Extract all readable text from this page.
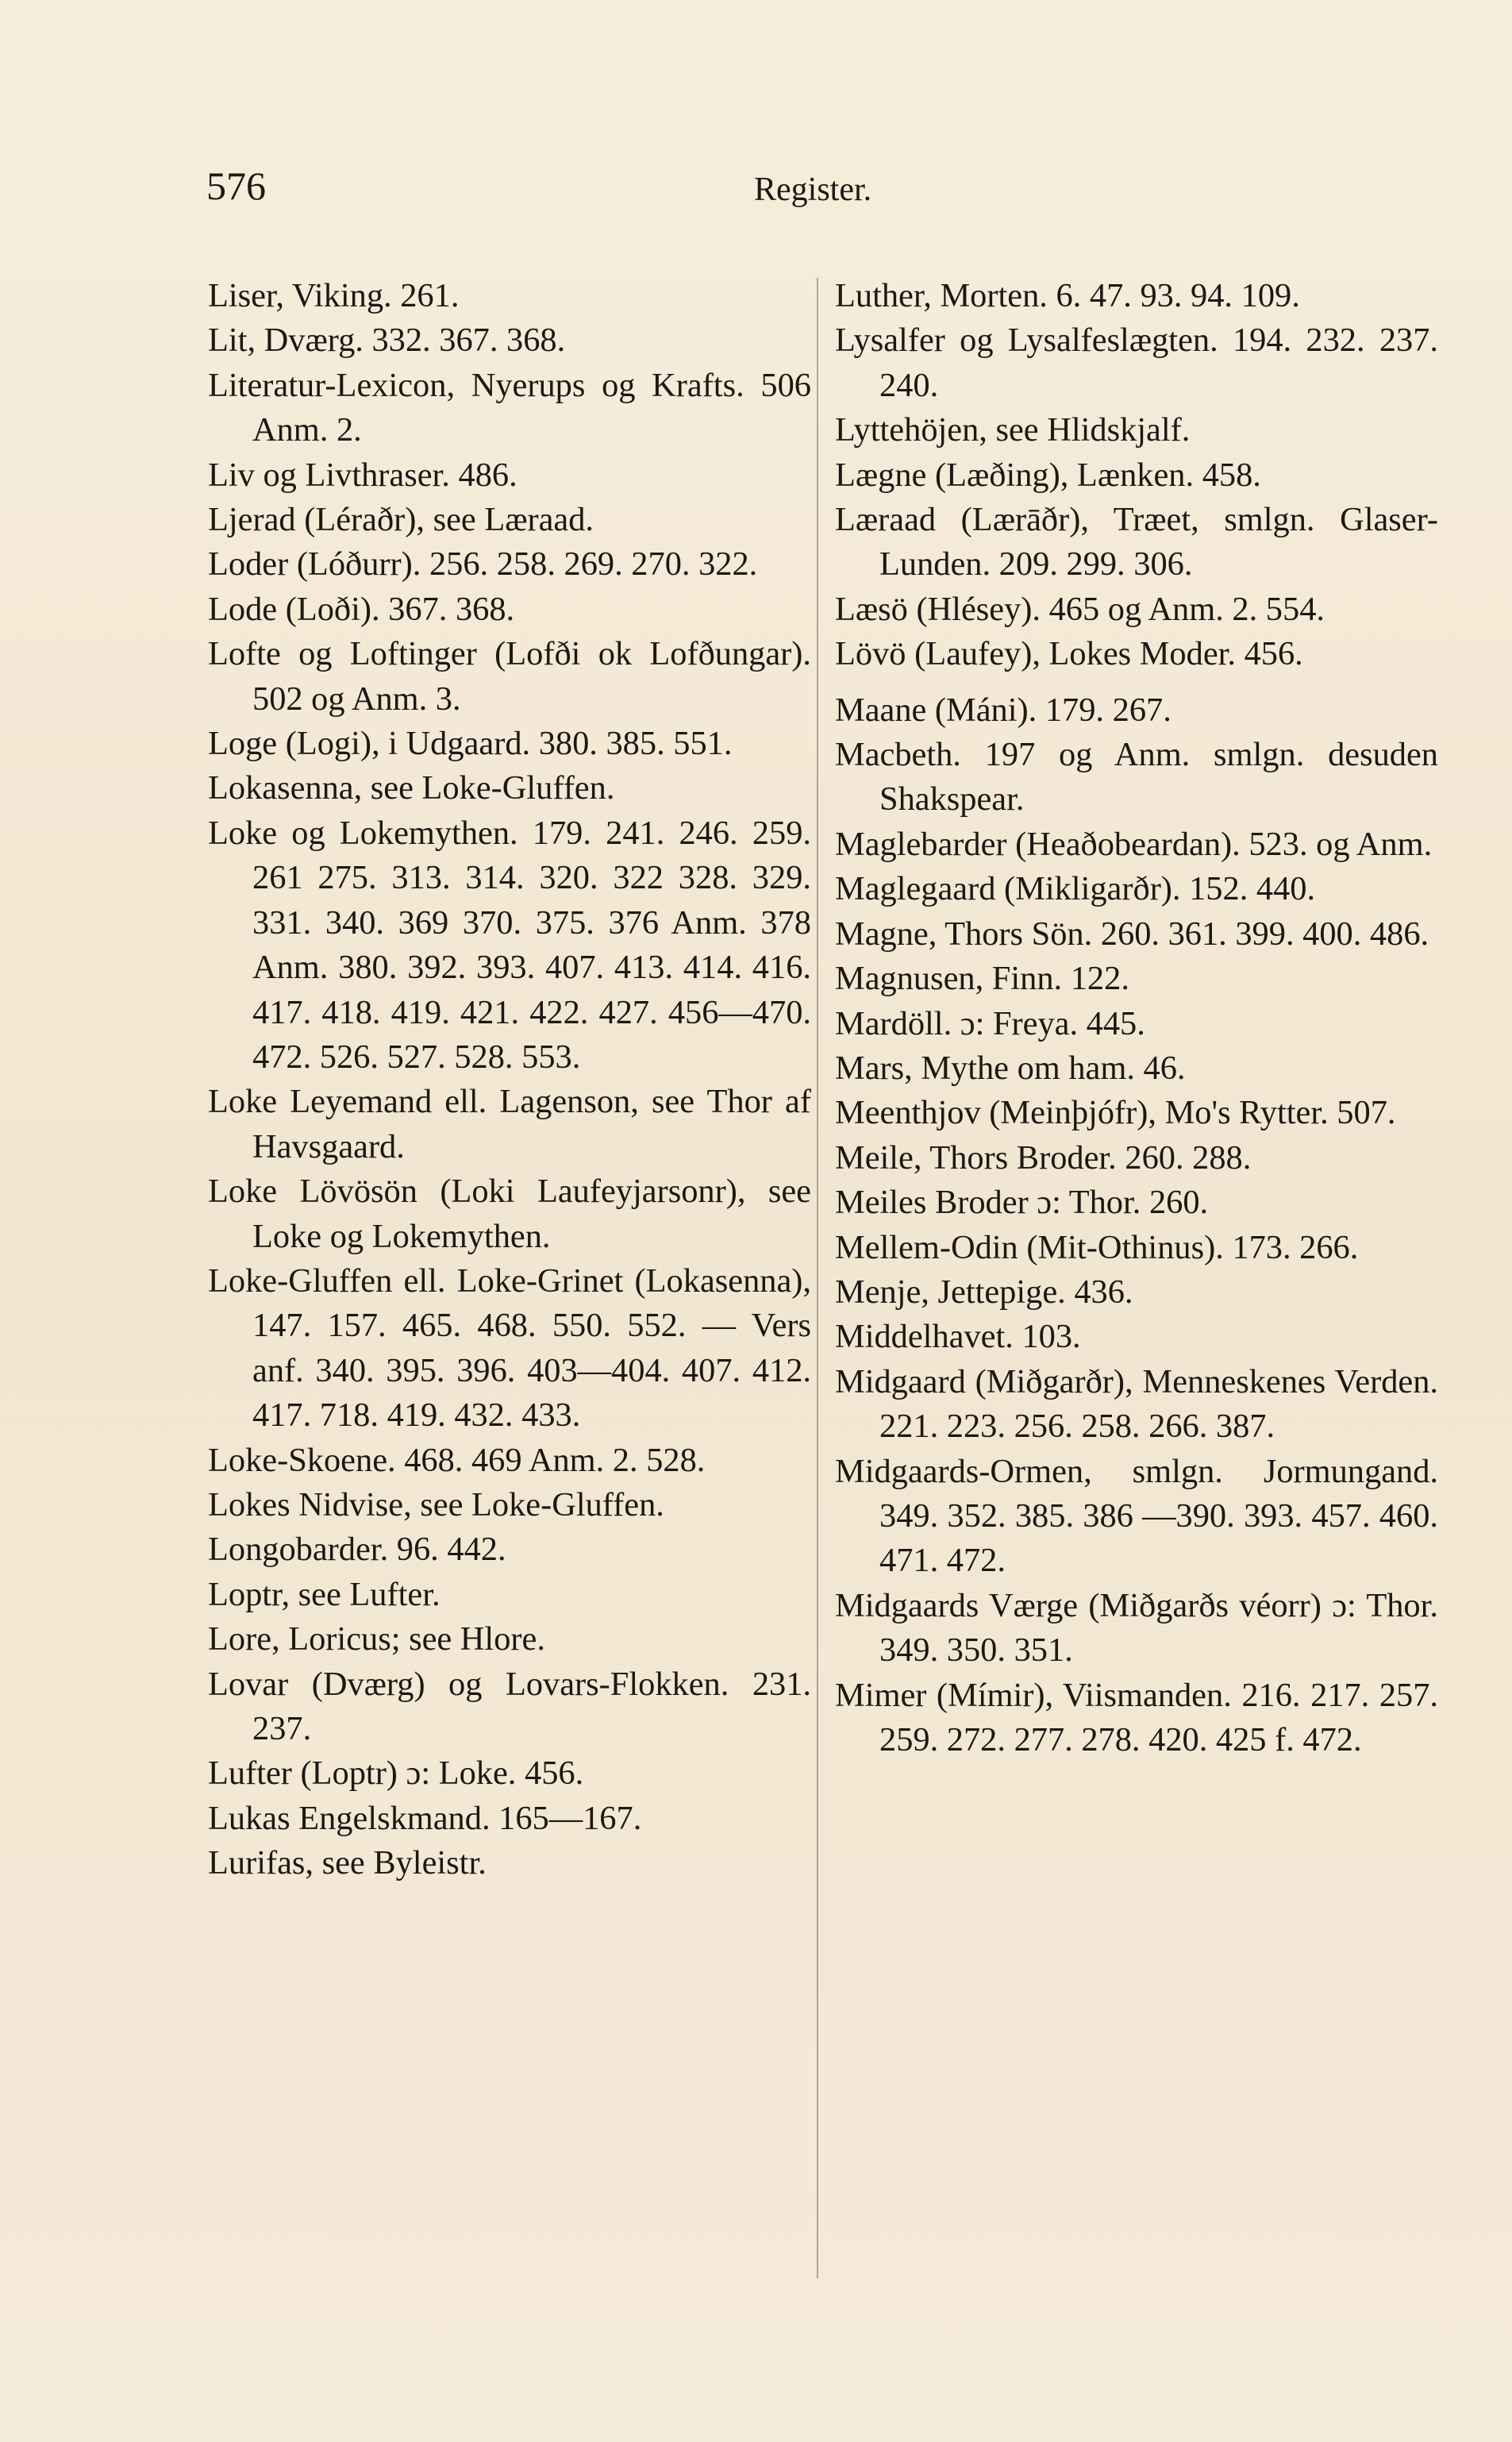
576	Register.

Liser, Viking. 261.

Lit, Dværg. 332. 367. 368.

Literatur-Lexicon, Nyerups og Krafts. 506 Anm. 2.

Liv og Livthraser. 486.

Ljerad (Léraðr), see Læraad.

Loder (Lóðurr). 256. 258. 269. 270. 322.

Lode (Loði). 367. 368.

Lofte og Loftinger (Lofði ok Lofðungar). 502 og Anm. 3.

Loge (Logi), i Udgaard. 380. 385. 551.

Lokasenna, see Loke-Gluffen.

Loke og Lokemythen. 179. 241. 246. 259. 261 275. 313. 314. 320. 322 328. 329. 331. 340. 369 370. 375. 376 Anm. 378 Anm. 380. 392. 393. 407. 413. 414. 416. 417. 418. 419. 421. 422. 427. 456—470. 472. 526. 527. 528. 553.

Loke Leyemand ell. Lagenson, see Thor af Havsgaard.

Loke Lövösön (Loki Laufeyjarsonr), see Loke og Lokemythen.

Loke-Gluffen ell. Loke-Grinet (Lokasenna), 147. 157. 465. 468. 550. 552. — Vers anf. 340. 395. 396. 403—404. 407. 412. 417. 718. 419. 432. 433.

Loke-Skoene. 468. 469 Anm. 2. 528.

Lokes Nidvise, see Loke-Gluffen.

Longobarder. 96. 442.

Loptr, see Lufter.

Lore, Loricus; see Hlore.

Lovar (Dværg) og Lovars-Flokken. 231. 237.

Lufter (Loptr) ɔ: Loke. 456.

Lukas Engelskmand. 165—167.

Lurifas, see Byleistr.

Luther, Morten. 6. 47. 93. 94. 109.

Lysalfer og Lysalfeslægten. 194. 232. 237. 240.

Lyttehöjen, see Hlidskjalf.

Lægne (Læðing), Lænken. 458.

Læraad (Lærāðr), Træet, smlgn. Glaser-Lunden. 209. 299. 306.

Læsö (Hlésey). 465 og Anm. 2. 554.

Lövö (Laufey), Lokes Moder. 456.

Maane (Máni). 179. 267.

Macbeth. 197 og Anm. smlgn. desuden Shakspear.

Maglebarder (Heaðobeardan). 523. og Anm.

Maglegaard (Mikligarðr). 152. 440.

Magne, Thors Sön. 260. 361. 399. 400. 486.

Magnusen, Finn. 122.

Mardöll. ɔ: Freya. 445.

Mars, Mythe om ham. 46.

Meenthjov (Meinþjófr), Mo's Rytter. 507.

Meile, Thors Broder. 260. 288.

Meiles Broder ɔ: Thor. 260.

Mellem-Odin (Mit-Othinus). 173. 266.

Menje, Jettepige. 436.

Middelhavet. 103.

Midgaard (Miðgarðr), Menneskenes Verden. 221. 223. 256. 258. 266. 387.

Midgaards-Ormen, smlgn. Jormungand. 349. 352. 385. 386 —390. 393. 457. 460. 471. 472.

Midgaards Værge (Miðgarðs véorr) ɔ: Thor. 349. 350. 351.

Mimer (Mímir), Viismanden. 216. 217. 257. 259. 272. 277. 278. 420. 425 f. 472.
